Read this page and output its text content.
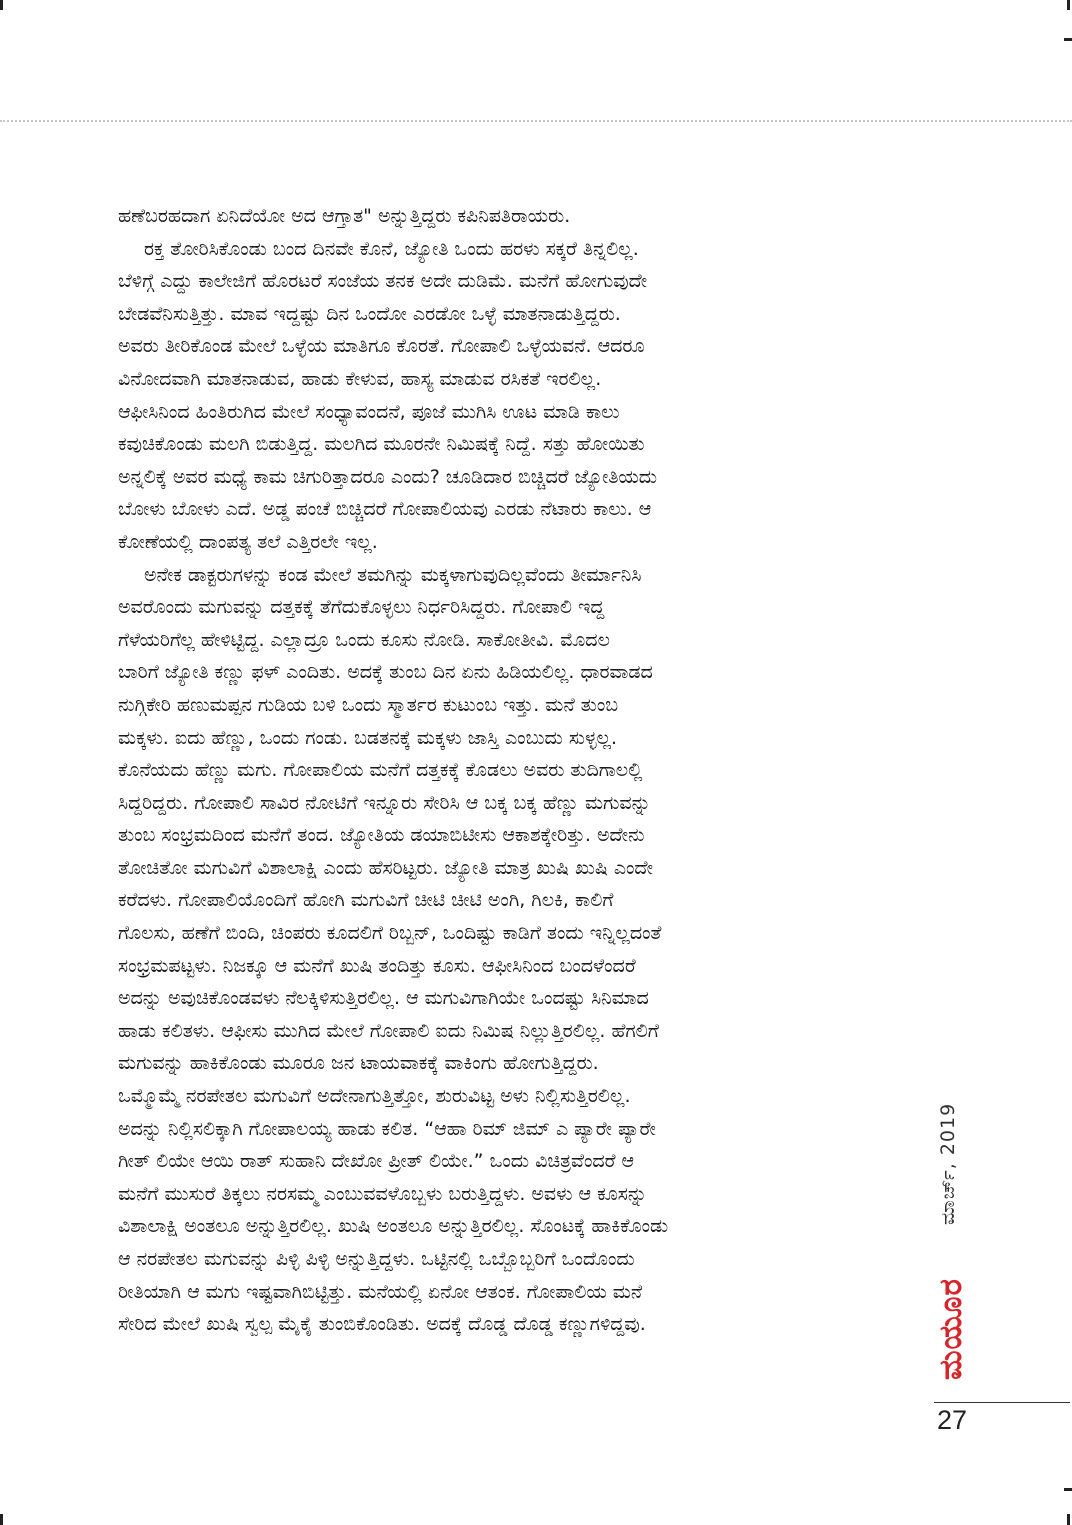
ಹಣೆಬರಹದಾಗ ಏನಿದೆಯೋ ಅದ ಆಗ್ತಾತ" ಅನ್ನುತ್ತಿದ್ದರು ಕಪಿನಿಪತಿರಾಯರು.

ರಕ್ತ ತೋರಿಸಿಕೊಂಡು ಬಂದ ದಿನವೇ ಕೊನೆ, ಜ್ಯೋತಿ ಒಂದು ಹರಳು ಸಕ್ಕರೆ ತಿನ್ನಲಿಲ್ಲ.
ಬೆಳಿಗ್ಗೆ ಎದ್ದು ಕಾಲೇಜಿಗೆ ಹೊರಟರೆ ಸಂಜೆಯ ತನಕ ಅದೇ ದುಡಿಮೆ. ಮನೆಗೆ ಹೋಗುವುದೇ
ಬೇಡವೆನಿಸುತ್ತಿತ್ತು. ಮಾವ ಇದ್ದಷ್ಟು ದಿನ ಒಂದೋ ಎರಡೋ ಒಳ್ಳೆ ಮಾತನಾಡುತ್ತಿದ್ದರು.
ಅವರು ತೀರಿಕೊಂಡ ಮೇಲೆ ಒಳ್ಳೆಯ ಮಾತಿಗೂ ಕೊರತೆ. ಗೋಪಾಲಿ ಒಳ್ಳೆಯವನೆ. ಆದರೂ
ವಿನೋದವಾಗಿ ಮಾತನಾಡುವ, ಹಾಡು ಕೇಳುವ, ಹಾಸ್ಯ ಮಾಡುವ ರಸಿಕತೆ ಇರಲಿಲ್ಲ.
ಆಫೀಸಿನಿಂದ ಹಿಂತಿರುಗಿದ ಮೇಲೆ ಸಂಧ್ಯಾವಂದನೆ, ಪೂಜೆ ಮುಗಿಸಿ ಊಟ ಮಾಡಿ ಕಾಲು
ಕವುಚಿಕೊಂಡು ಮಲಗಿ ಬಿಡುತ್ತಿದ್ದ. ಮಲಗಿದ ಮೂರನೇ ನಿಮಿಷಕ್ಕೆ ನಿದ್ದೆ. ಸತ್ತು ಹೋಯಿತು
ಅನ್ನಲಿಕ್ಕೆ ಅವರ ಮಧ್ಯೆ ಕಾಮ ಚಿಗುರಿತ್ತಾದರೂ ಎಂದು? ಚೂಡಿದಾರ ಬಿಚ್ಚಿದರೆ ಜ್ಯೋತಿಯದು
ಬೋಳು ಬೋಳು ಎದೆ. ಅಡ್ಡ ಪಂಚೆ ಬಿಚ್ಚಿದರೆ ಗೋಪಾಲಿಯವು ಎರಡು ನೆಟಾರು ಕಾಲು. ಆ
ಕೋಣೆಯಲ್ಲಿ ದಾಂಪತ್ಯ ತಲೆ ಎತ್ತಿರಲೇ ಇಲ್ಲ.

ಅನೇಕ ಡಾಕ್ಟರುಗಳನ್ನು ಕಂಡ ಮೇಲೆ ತಮಗಿನ್ನು ಮಕ್ಕಳಾಗುವುದಿಲ್ಲವೆಂದು ತೀರ್ಮಾನಿಸಿ
ಅವರೊಂದು ಮಗುವನ್ನು ದತ್ತಕಕ್ಕೆ ತೆಗೆದುಕೊಳ್ಳಲು ನಿರ್ಧರಿಸಿದ್ದರು. ಗೋಪಾಲಿ ಇದ್ದ
ಗೆಳೆಯರಿಗೆಲ್ಲ ಹೇಳಿಟ್ಟಿದ್ದ. ಎಲ್ಲಾದ್ರೂ ಒಂದು ಕೂಸು ನೋಡಿ. ಸಾಕೋತೀವಿ. ಮೊದಲ
ಬಾರಿಗೆ ಜ್ಯೋತಿ ಕಣ್ಣು ಫಳ್ ಎಂದಿತು. ಅದಕ್ಕೆ ತುಂಬ ದಿನ ಏನು ಹಿಡಿಯಲಿಲ್ಲ. ಧಾರವಾಡದ
ನುಗ್ಗಿಕೇರಿ ಹಣುಮಪ್ಪನ ಗುಡಿಯ ಬಳಿ ಒಂದು ಸ್ಮಾರ್ತರ ಕುಟುಂಬ ಇತ್ತು. ಮನೆ ತುಂಬ
ಮಕ್ಕಳು. ಐದು ಹೆಣ್ಣು, ಒಂದು ಗಂಡು. ಬಡತನಕ್ಕೆ ಮಕ್ಕಳು ಜಾಸ್ತಿ ಎಂಬುದು ಸುಳ್ಳಲ್ಲ.
ಕೊನೆಯದು ಹೆಣ್ಣು ಮಗು. ಗೋಪಾಲಿಯ ಮನೆಗೆ ದತ್ತಕಕ್ಕೆ ಕೊಡಲು ಅವರು ತುದಿಗಾಲಲ್ಲಿ
ಸಿದ್ದರಿದ್ದರು. ಗೋಪಾಲಿ ಸಾವಿರ ನೋಟಿಗೆ ಇನ್ನೂರು ಸೇರಿಸಿ ಆ ಬಕ್ಕ ಬಕ್ಕ ಹೆಣ್ಣು ಮಗುವನ್ನು
ತುಂಬ ಸಂಭ್ರಮದಿಂದ ಮನೆಗೆ ತಂದ. ಜ್ಯೋತಿಯ ಡಯಾಬಿಟೀಸು ಆಕಾಶಕ್ಕೇರಿತ್ತು. ಅದೇನು
ತೋಚಿತೋ ಮಗುವಿಗೆ ವಿಶಾಲಾಕ್ಷಿ ಎಂದು ಹೆಸರಿಟ್ಟರು. ಜ್ಯೋತಿ ಮಾತ್ರ ಖುಷಿ ಖುಷಿ ಎಂದೇ
ಕರೆದಳು. ಗೋಪಾಲಿಯೊಂದಿಗೆ ಹೋಗಿ ಮಗುವಿಗೆ ಚೀಟಿ ಚೀಟಿ ಅಂಗಿ, ಗಿಲಕಿ, ಕಾಲಿಗೆ
ಗೊಲಸು, ಹಣೆಗೆ ಬಿಂದಿ, ಚಿಂಪರು ಕೂದಲಿಗೆ ರಿಬ್ಬನ್, ಒಂದಿಷ್ಟು ಕಾಡಿಗೆ ತಂದು ಇನ್ನಿಲ್ಲದಂತೆ
ಸಂಭ್ರಮಪಟ್ಟಳು. ನಿಜಕ್ಕೂ ಆ ಮನೆಗೆ ಖುಷಿ ತಂದಿತ್ತು ಕೂಸು. ಆಫೀಸಿನಿಂದ ಬಂದಳೆಂದರೆ
ಅದನ್ನು ಅವುಚಿಕೊಂಡವಳು ನೆಲಕ್ಕಿಳಿಸುತ್ತಿರಲಿಲ್ಲ. ಆ ಮಗುವಿಗಾಗಿಯೇ ಒಂದಷ್ಟು ಸಿನಿಮಾದ
ಹಾಡು ಕಲಿತಳು. ಆಫೀಸು ಮುಗಿದ ಮೇಲೆ ಗೋಪಾಲಿ ಐದು ನಿಮಿಷ ನಿಲ್ಲುತ್ತಿರಲಿಲ್ಲ. ಹೆಗಲಿಗೆ
ಮಗುವನ್ನು ಹಾಕಿಕೊಂಡು ಮೂರೂ ಜನ ಟಾಯವಾಕಕ್ಕೆ ವಾಕಿಂಗು ಹೋಗುತ್ತಿದ್ದರು.
ಒಮ್ಮೊಮ್ಮೆ ನರಪೇತಲ ಮಗುವಿಗೆ ಅದೇನಾಗುತ್ತಿತ್ತೋ, ಶುರುವಿಟ್ಟ ಅಳು ನಿಲ್ಲಿಸುತ್ತಿರಲಿಲ್ಲ.
ಅದನ್ನು ನಿಲ್ಲಿಸಲಿಕ್ಕಾಗಿ ಗೋಪಾಲಯ್ಯ ಹಾಡು ಕಲಿತ. “ಆಹಾ ರಿಮ್ ಜಿಮ್ ಎ ಪ್ಯಾರೇ ಪ್ಯಾರೇ
ಗೀತ್ ಲಿಯೇ ಆಯಿ ರಾತ್ ಸುಹಾನಿ ದೇಖೋ ಪ್ರೀತ್ ಲಿಯೇ.” ಒಂದು ವಿಚಿತ್ರವೆಂದರೆ ಆ
ಮನೆಗೆ ಮುಸುರೆ ತಿಕ್ಕಲು ನರಸಮ್ಮ ಎಂಬುವವಳೊಬ್ಬಳು ಬರುತ್ತಿದ್ದಳು. ಅವಳು ಆ ಕೂಸನ್ನು
ವಿಶಾಲಾಕ್ಷಿ ಅಂತಲೂ ಅನ್ನುತ್ತಿರಲಿಲ್ಲ. ಖುಷಿ ಅಂತಲೂ ಅನ್ನುತ್ತಿರಲಿಲ್ಲ. ಸೊಂಟಕ್ಕೆ ಹಾಕಿಕೊಂಡು
ಆ ನರಪೇತಲ ಮಗುವನ್ನು ಪಿಳ್ಳಿ ಪಿಳ್ಳಿ ಅನ್ನುತ್ತಿದ್ದಳು. ಒಟ್ಟಿನಲ್ಲಿ ಒಬ್ಬೊಬ್ಬರಿಗೆ ಒಂದೊಂದು
ರೀತಿಯಾಗಿ ಆ ಮಗು ಇಷ್ಟವಾಗಿಬಿಟ್ಟಿತ್ತು. ಮನೆಯಲ್ಲಿ ಏನೋ ಆತಂಕ. ಗೋಪಾಲಿಯ ಮನೆ
ಸೇರಿದ ಮೇಲೆ ಖುಷಿ ಸ್ವಲ್ಪ ಮೈಕೈ ತುಂಬಿಕೊಂಡಿತು. ಅದಕ್ಕೆ ದೊಡ್ಡ ದೊಡ್ಡ ಕಣ್ಣುಗಳಿದ್ದವು.

ಮಾರ್ಚ್, 2019
ಮಯೂರ
27
